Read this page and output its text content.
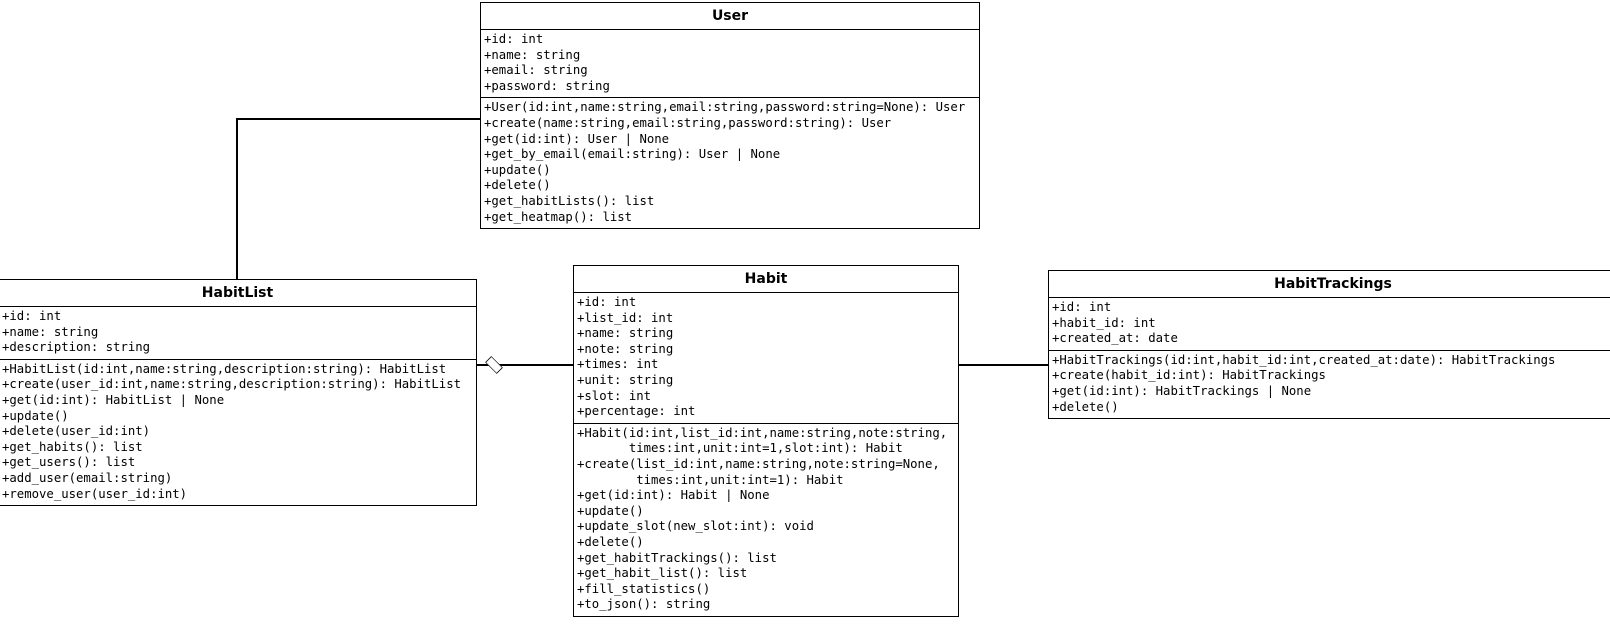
User
+id: int
+name: string
+email: string
+password: string
+User(id:int,name:string,email:string,password:string=None): User
+create(name:string,email:string,password:string): User
+get(id:int): User | None
+get_by_email(email:string): User | None
+update()
+delete()
+get_habitLists(): list
+get_heatmap(): list
HabitList
+id: int
+name: string
+description: string
+HabitList(id:int,name:string,description:string): HabitList
+create(user_id:int,name:string,description:string): HabitList
+get(id:int): HabitList | None
+update()
+delete(user_id:int)
+get_habits(): list
+get_users(): list
+add_user(email:string)
+remove_user(user_id:int)
Habit
+id: int
+list_id: int
+name: string
+note: string
+times: int
+unit: string
+slot: int
+percentage: int
+Habit(id:int,list_id:int,name:string,note:string,
times:int,unit:int=1,slot:int): Habit
+create(list_id:int,name:string,note:string=None,
times:int,unit:int=1): Habit
+get(id:int): Habit | None
+update()
+update_slot(new_slot:int): void
+delete()
+get_habitTrackings(): list
+get_habit_list(): list
+fill_statistics()
+to_json(): string
HabitTrackings
+id: int
+habit_id: int
+created_at: date
+HabitTrackings(id:int,habit_id:int,created_at:date): HabitTrackings
+create(habit_id:int): HabitTrackings
+get(id:int): HabitTrackings | None
+delete()
